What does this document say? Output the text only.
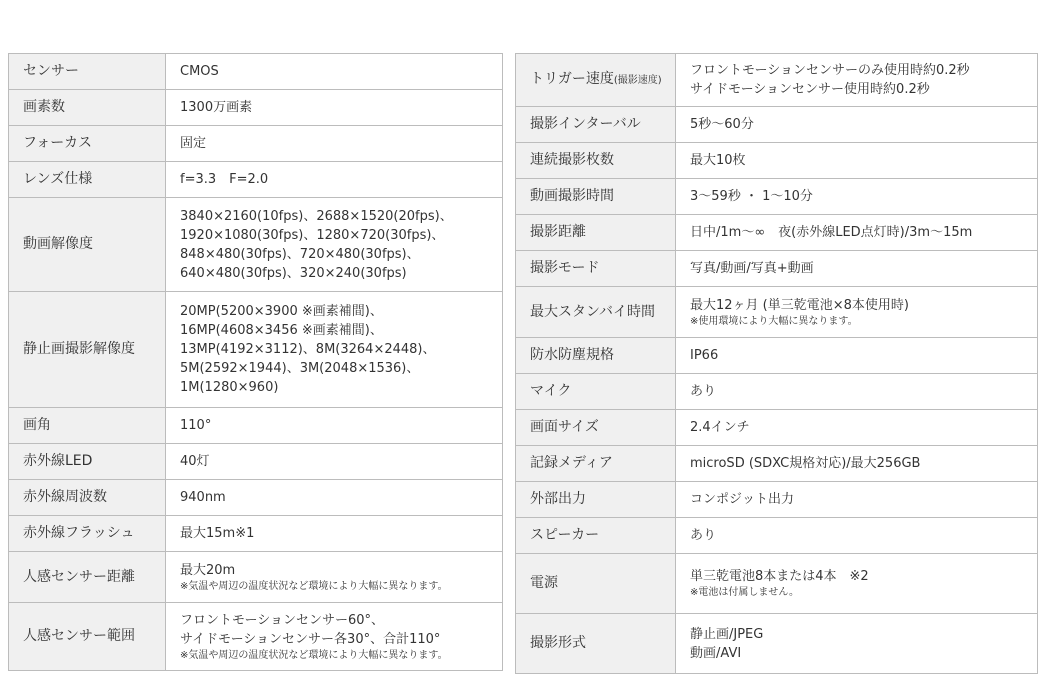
センサー	CMOS

画素数	1300万画素

フォーカス	固定

レンズ仕様	f=3.3　F=2.0

動画解像度	3840×2160(10fps)、2688×1520(20fps)、
1920×1080(30fps)、1280×720(30fps)、
848×480(30fps)、720×480(30fps)、
640×480(30fps)、320×240(30fps)

静止画撮影解像度	20MP(5200×3900 ※画素補間)、
16MP(4608×3456 ※画素補間)、
13MP(4192×3112)、8M(3264×2448)、
5M(2592×1944)、3M(2048×1536)、
1M(1280×960)

画角	110°

赤外線LED	40灯

赤外線周波数	940nm

赤外線フラッシュ	最大15m※1

人感センサー距離	最大20m
※気温や周辺の温度状況など環境により大幅に異なります。

人感センサー範囲	フロントモーションセンサー60°、
サイドモーションセンサー各30°、合計110°
※気温や周辺の温度状況など環境により大幅に異なります。
トリガー速度(撮影速度)	フロントモーションセンサーのみ使用時約0.2秒
サイドモーションセンサー使用時約0.2秒

撮影インターバル	5秒～60分

連続撮影枚数	最大10枚

動画撮影時間	3～59秒 ・ 1～10分

撮影距離	日中/1m～∞　夜(赤外線LED点灯時)/3m～15m

撮影モード	写真/動画/写真+動画

最大スタンバイ時間	最大12ヶ月 (単三乾電池×8本使用時)
※使用環境により大幅に異なります。

防水防塵規格	IP66

マイク	あり

画面サイズ	2.4インチ

記録メディア	microSD (SDXC規格対応)/最大256GB

外部出力	コンポジット出力

スピーカー	あり

電源	単三乾電池8本または4本　※2
※電池は付属しません。

撮影形式	静止画/JPEG
動画/AVI
